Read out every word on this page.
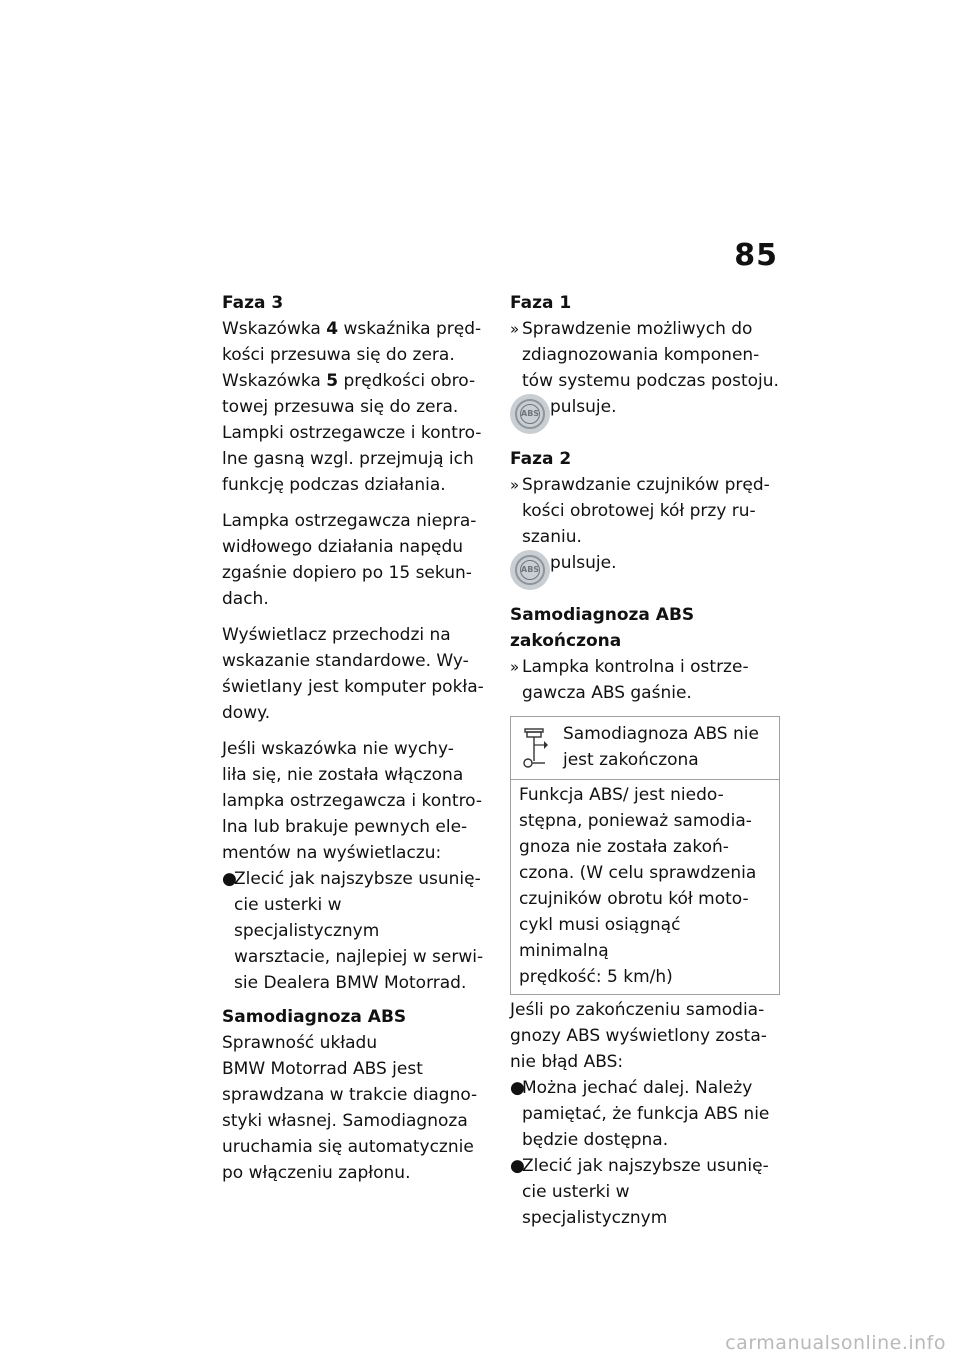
85
Faza 3

Wskazówka 4 wskaźnika pręd-
kości przesuwa się do zera.
Wskazówka 5 prędkości obro-
towej przesuwa się do zera.
Lampki ostrzegawcze i kontro-
lne gasną wzgl. przejmują ich
funkcję podczas działania.

Lampka ostrzegawcza niepra-
widłowego działania napędu
zgaśnie dopiero po 15 sekun-
dach.

Wyświetlacz przechodzi na
wskazanie standardowe. Wy-
świetlany jest komputer pokła-
dowy.

Jeśli wskazówka nie wychy-
liła się, nie została włączona
lampka ostrzegawcza i kontro-
lna lub brakuje pewnych ele-
mentów na wyświetlaczu:

●
Zlecić jak najszybsze usunię-
cie usterki w specjalistycznym
warsztacie, najlepiej w serwi-
sie Dealera BMW Motorrad.
Samodiagnoza ABS

Sprawność układu
BMW Motorrad ABS jest
sprawdzana w trakcie diagno-
styki własnej. Samodiagnoza
uruchamia się automatycznie
po włączeniu zapłonu.

Faza 1
» Sprawdzenie możliwych do
zdiagnozowania komponen-
tów systemu podczas postoju.
ABS pulsuje.
Faza 2
» Sprawdzanie czujników pręd-
kości obrotowej kół przy ru-
szaniu.
ABS pulsuje.
Samodiagnoza ABS
zakończona
» Lampka kontrolna i ostrze-
gawcza ABS gaśnie.
Samodiagnoza ABS nie
jest zakończona
Funkcja ABS/ jest niedo-
stępna, ponieważ samodia-
gnoza nie została zakoń-
czona. (W celu sprawdzenia
czujników obrotu kół moto-
cykl musi osiągnąć minimalną
prędkość: 5 km/h)

Jeśli po zakończeniu samodia-
gnozy ABS wyświetlony zosta-
nie błąd ABS:

●
Można jechać dalej. Należy
pamiętać, że funkcja ABS nie
będzie dostępna.
●
Zlecić jak najszybsze usunię-
cie usterki w specjalistycznym
carmanualsonline.info
